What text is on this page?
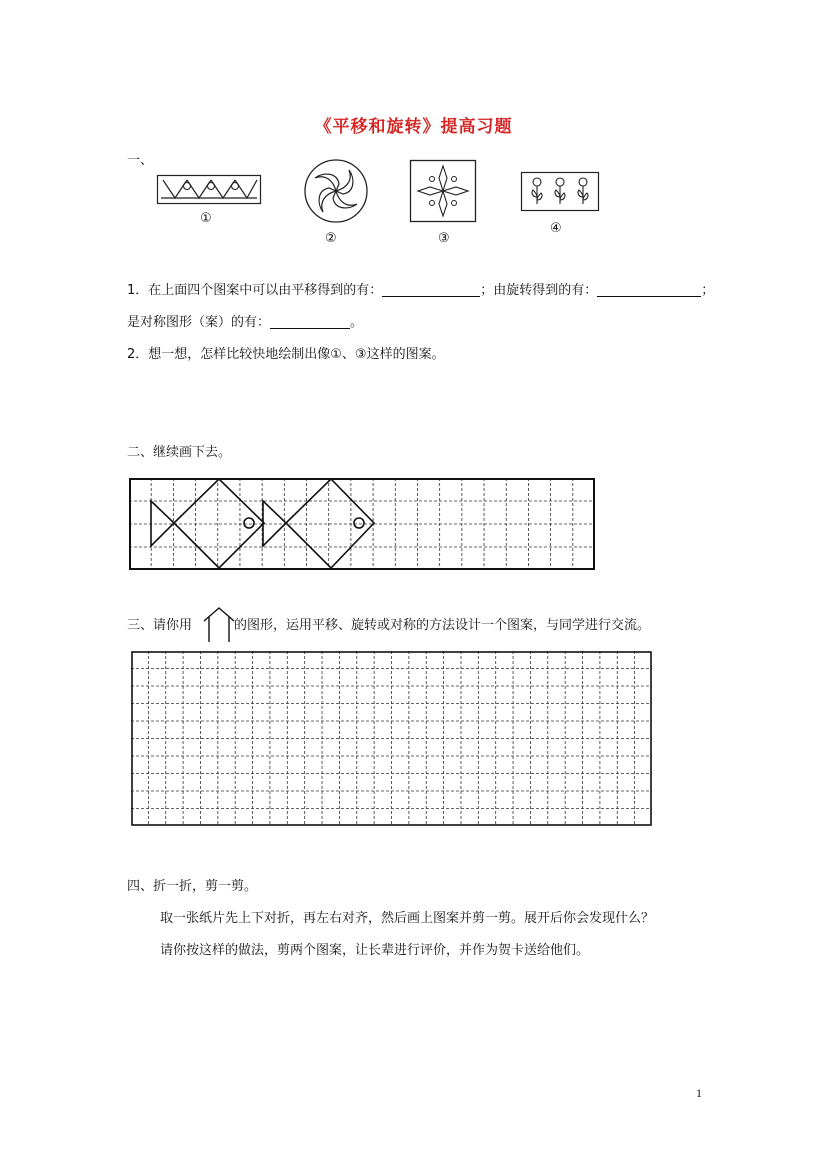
《平移和旋转》提高习题
一、
①
②	③
④
1．在上面四个图案中可以由平移得到的有：	；由旋转得到的有：	；
是对称图形（案）的有：	。
2．想一想，怎样比较快地绘制出像①、③这样的图案。
二、继续画下去。
三、请你用	的图形，运用平移、旋转或对称的方法设计一个图案，与同学进行交流。
四、折一折，剪一剪。
取一张纸片先上下对折，再左右对齐，然后画上图案并剪一剪。展开后你会发现什么？
请你按这样的做法，剪两个图案，让长辈进行评价，并作为贺卡送给他们。
1
